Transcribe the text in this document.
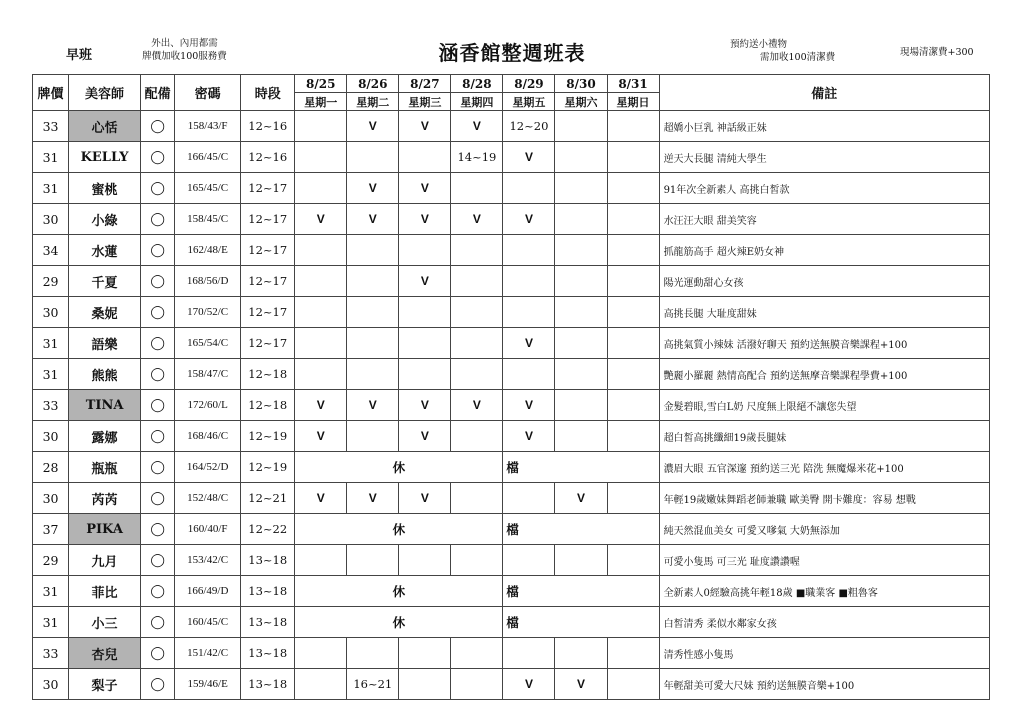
早班
外出、內用都需
牌價加收100服務費	涵香館整週班表	預約送小禮物
需加收100清潔費	現場清潔費+300
牌價	美容師	配備	密碼	時段	8/25	8/26	8/27	8/28	8/29	8/30	8/31	備註
					星期一	星期二	星期三	星期四	星期五	星期六	星期日	
33	心恬	◯	158/43/F	12~16		V	V	V	12~20			超嬌小巨乳 神話級正妹
31	KELLY	◯	166/45/C	12~16				14~19	V			逆天大長腿 清純大學生
31	蜜桃	◯	165/45/C	12~17		V	V					91年次全新素人 高挑白皙款
30	小綠	◯	158/45/C	12~17	V	V	V	V	V			水汪汪大眼 甜美笑容
34	水蓮	◯	162/48/E	12~17								抓龍筋高手 超火辣E奶女神
29	千夏	◯	168/56/D	12~17			V					陽光運動甜心女孩
30	桑妮	◯	170/52/C	12~17								高挑長腿 大耻度甜妹
31	語樂	◯	165/54/C	12~17					V			高挑氣質小辣妹 活潑好聊天 預約送無膜音樂課程+100
31	熊熊	◯	158/47/C	12~18								艷麗小羅麗 熱情高配合 預約送無摩音樂課程學費+100
33	TINA	◯	172/60/L	12~18	V	V	V	V	V			金髮碧眼,雪白L奶 尺度無上限絕不讓您失望
30	露娜	◯	168/46/C	12~19	V		V		V			超白皙高挑纖細19歲長腿妹
28	瓶瓶	◯	164/52/D	12~19	休				檔			濃眉大眼 五官深邃 預約送三光 陪洗 無魔爆米花+100
30	芮芮	◯	152/48/C	12~21	V	V	V			V		年輕19歲嫩妹舞蹈老師兼職 歐美臀 開卡難度：容易 想戰
37	PIKA	◯	160/40/F	12~22	休				檔			純天然混血美女 可愛又嗲氣 大奶無添加
29	九月	◯	153/42/C	13~18								可愛小隻馬 可三光 耻度讚讚喔
31	菲比	◯	166/49/D	13~18	休				檔			全新素人0經驗高挑年輕18歲 ■職業客 ■粗魯客
31	小三	◯	160/45/C	13~18	休				檔			白皙清秀 柔似水鄰家女孩
33	杏兒	◯	151/42/C	13~18								清秀性感小隻馬
30	梨子	◯	159/46/E	13~18		16~21			V	V		年輕甜美可愛大尺妹 預約送無膜音樂+100
